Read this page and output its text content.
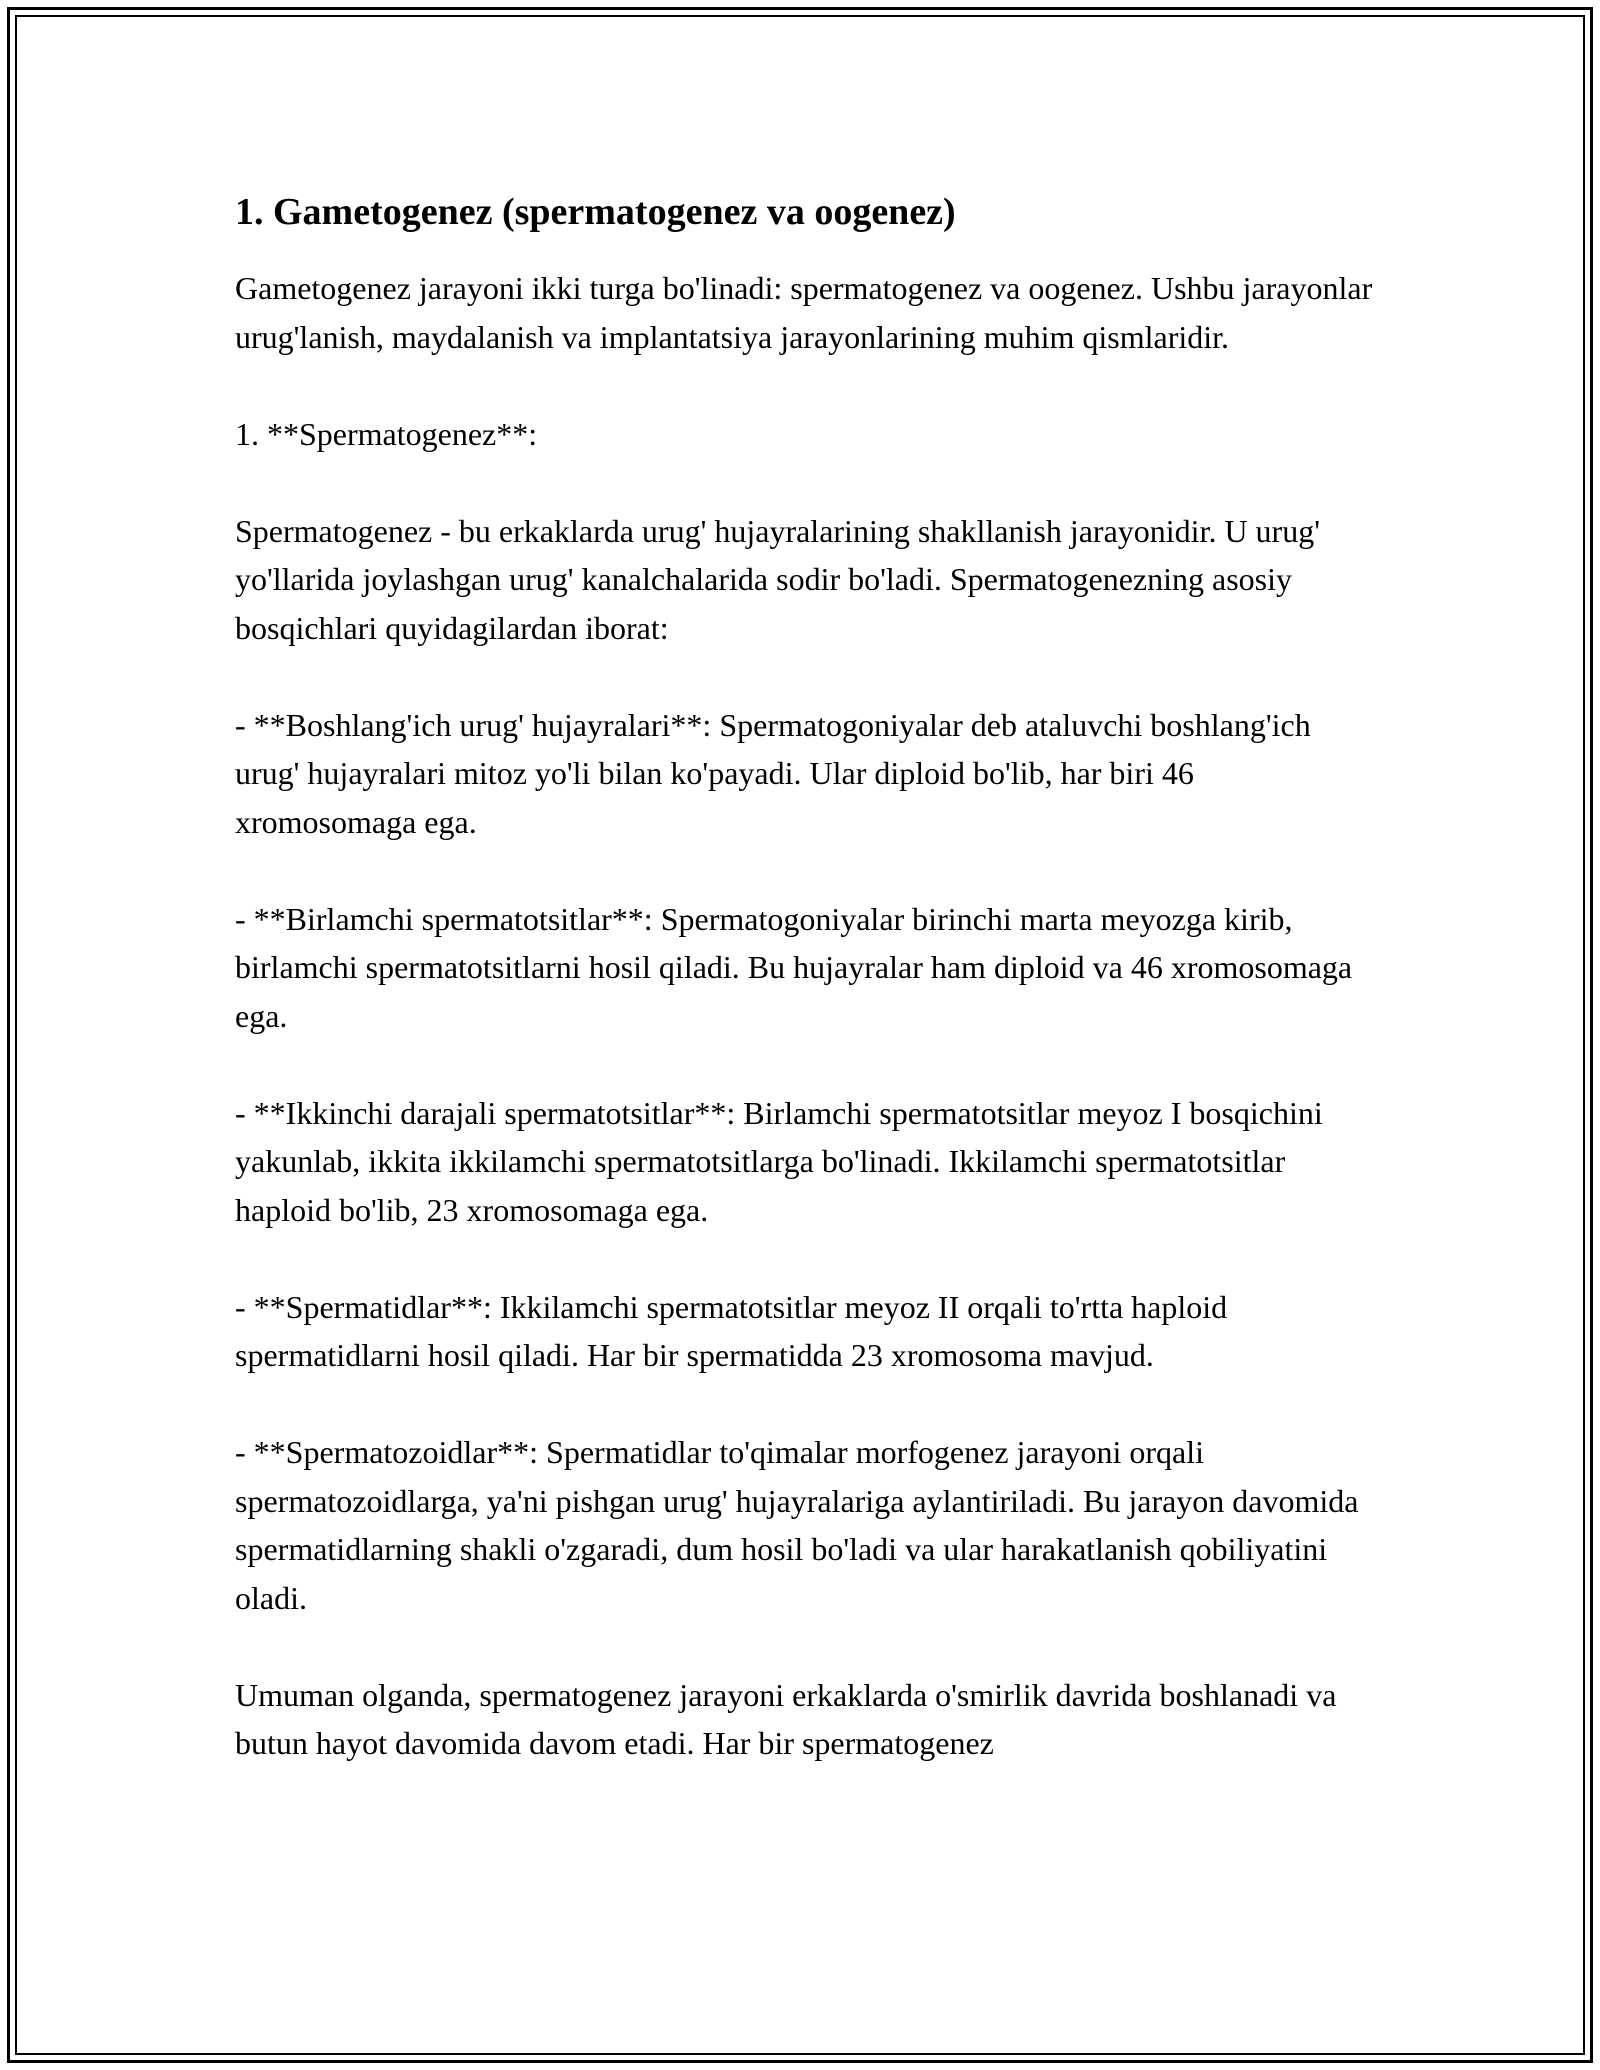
1. Gametogenez (spermatogenez va oogenez)

Gametogenez jarayoni ikki turga bo'linadi: spermatogenez va oogenez. Ushbu jarayonlar urug'lanish, maydalanish va implantatsiya jarayonlarining muhim qismlaridir.

1. **Spermatogenez**:

Spermatogenez - bu erkaklarda urug' hujayralarining shakllanish jarayonidir. U urug' yo'llarida joylashgan urug' kanalchalarida sodir bo'ladi. Spermatogenezning asosiy bosqichlari quyidagilardan iborat:

- **Boshlang'ich urug' hujayralari**: Spermatogoniyalar deb ataluvchi boshlang'ich urug' hujayralari mitoz yo'li bilan ko'payadi. Ular diploid bo'lib, har biri 46 xromosomaga ega.

- **Birlamchi spermatotsitlar**: Spermatogoniyalar birinchi marta meyozga kirib, birlamchi spermatotsitlarni hosil qiladi. Bu hujayralar ham diploid va 46 xromosomaga ega.

- **Ikkinchi darajali spermatotsitlar**: Birlamchi spermatotsitlar meyoz I bosqichini yakunlab, ikkita ikkilamchi spermatotsitlarga bo'linadi. Ikkilamchi spermatotsitlar haploid bo'lib, 23 xromosomaga ega.

- **Spermatidlar**: Ikkilamchi spermatotsitlar meyoz II orqali to'rtta haploid spermatidlarni hosil qiladi. Har bir spermatidda 23 xromosoma mavjud.

- **Spermatozoidlar**: Spermatidlar to'qimalar morfogenez jarayoni orqali spermatozoidlarga, ya'ni pishgan urug' hujayralariga aylantiriladi. Bu jarayon davomida spermatidlarning shakli o'zgaradi, dum hosil bo'ladi va ular harakatlanish qobiliyatini oladi.

Umuman olganda, spermatogenez jarayoni erkaklarda o'smirlik davrida boshlanadi va butun hayot davomida davom etadi. Har bir spermatogenez
